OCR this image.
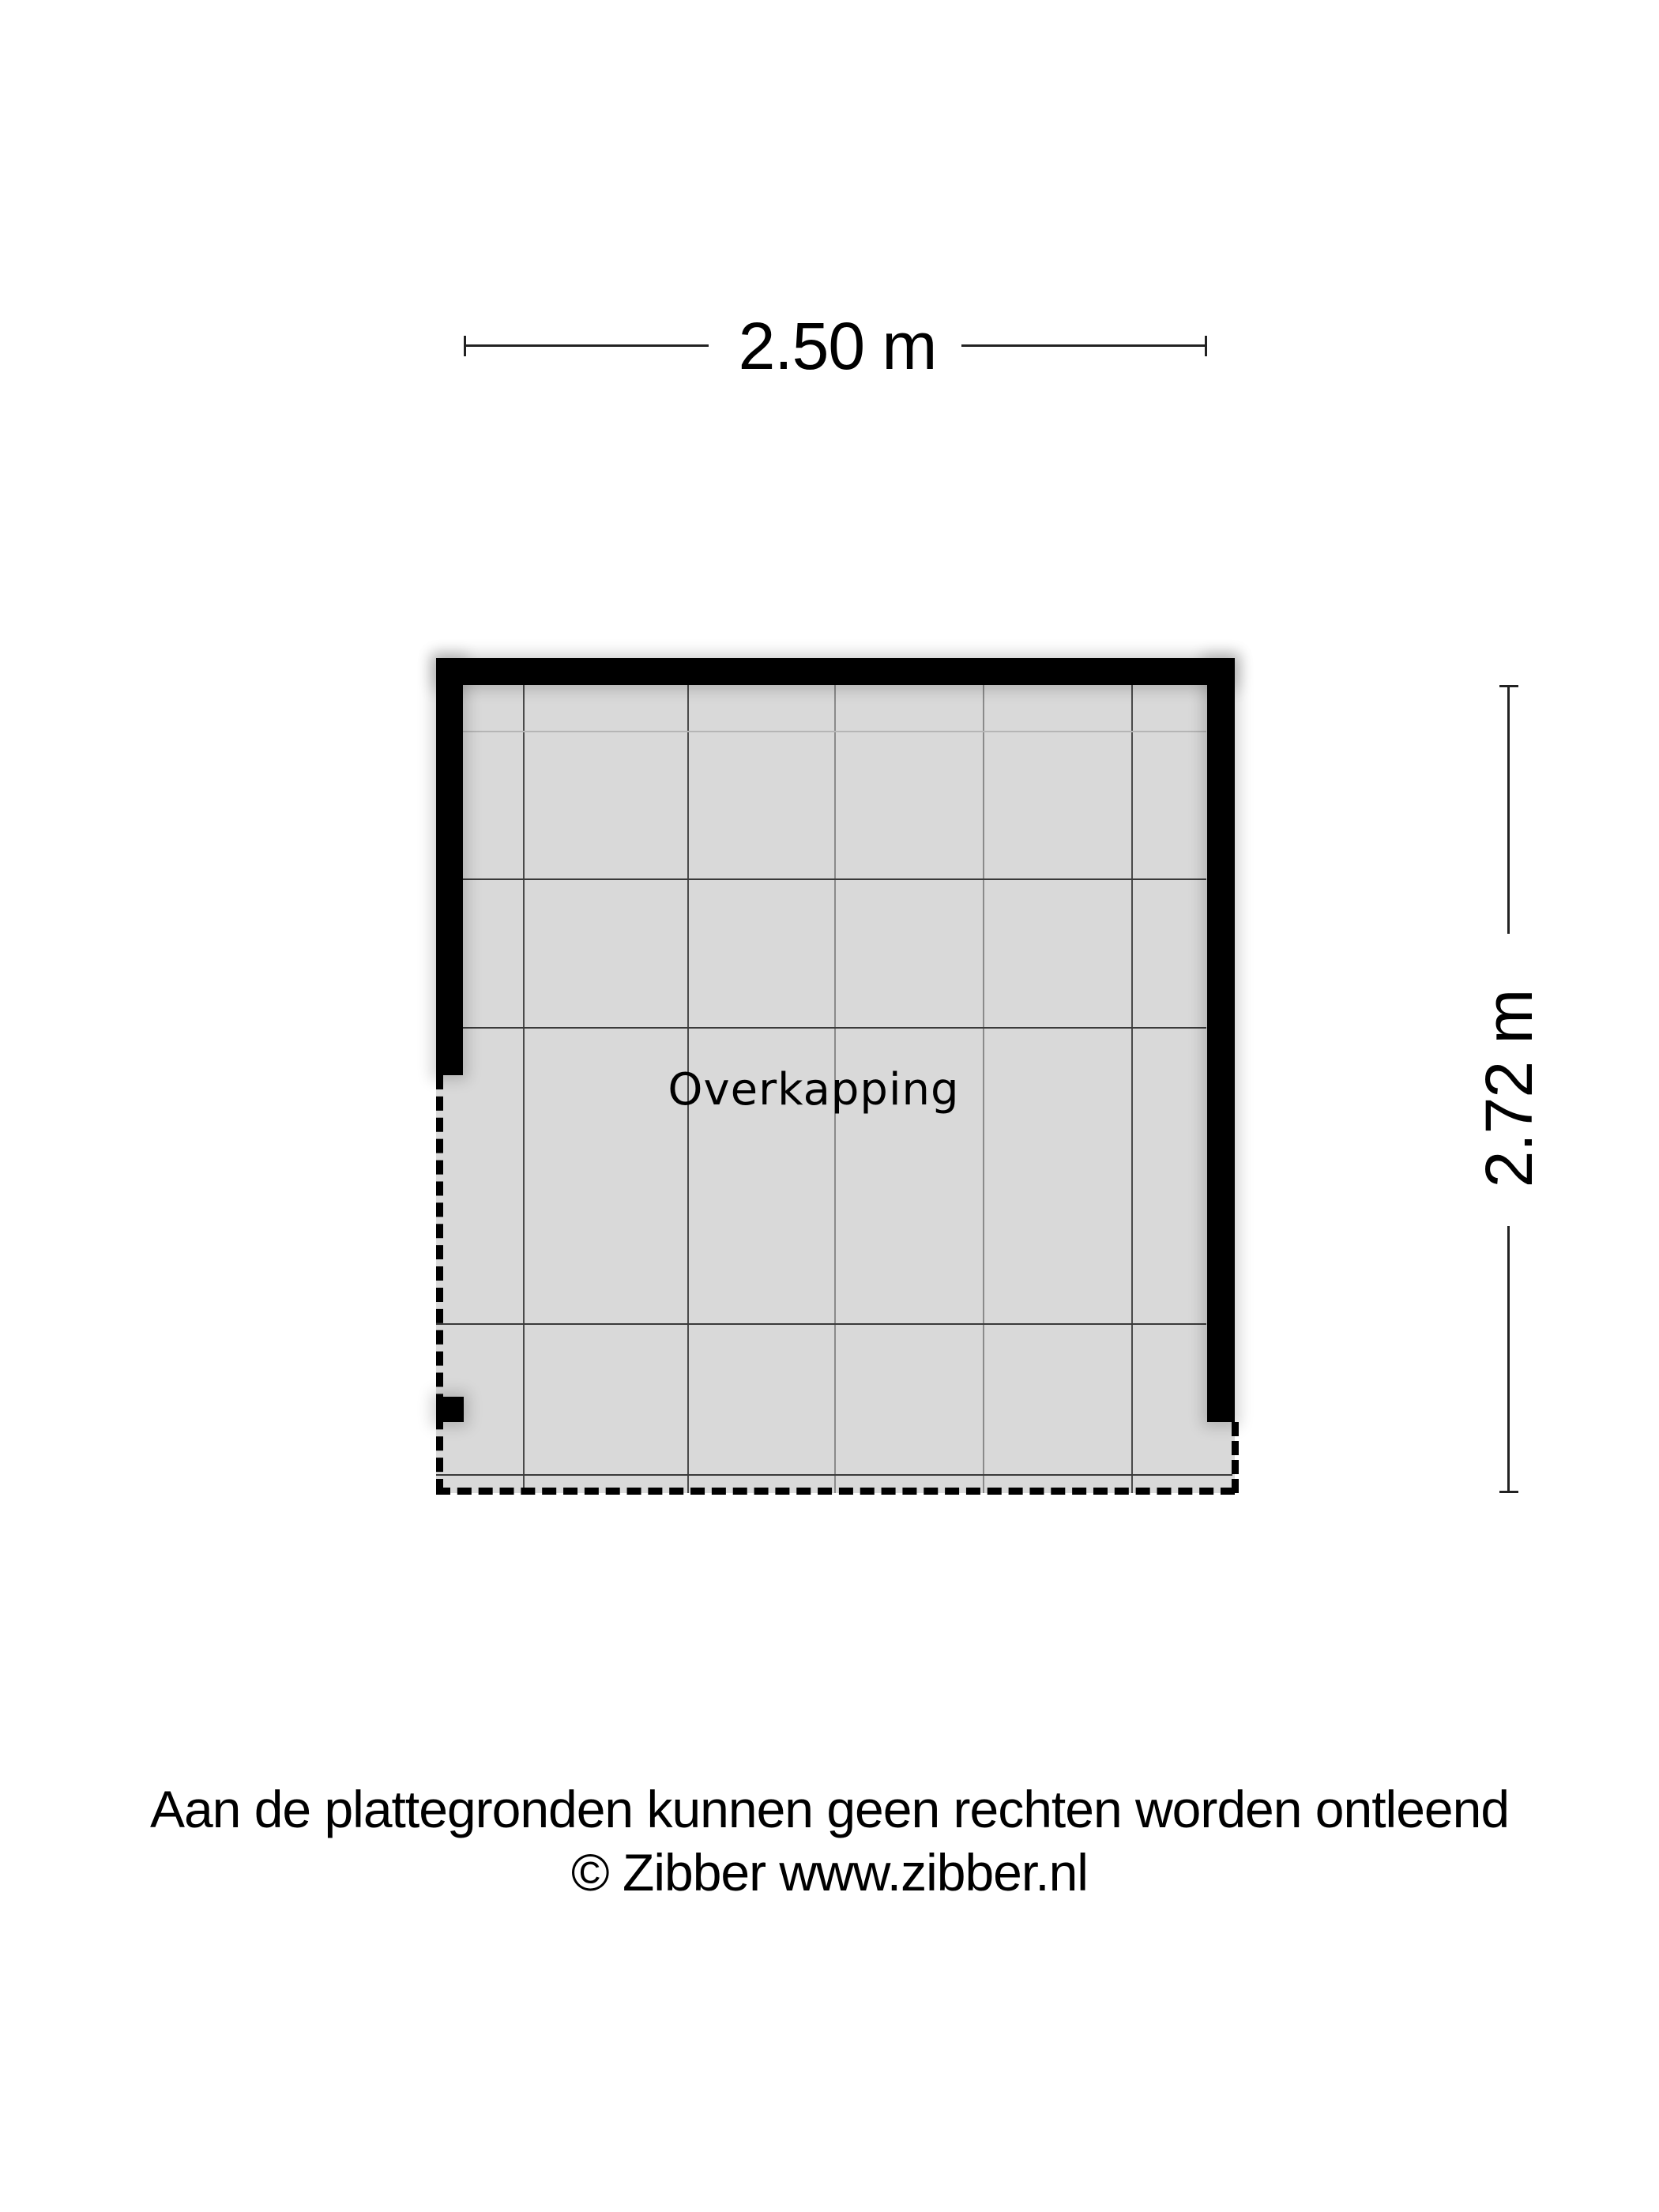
2.50 m
2.72 m
Overkapping
Aan de plattegronden kunnen geen rechten worden ontleend
© Zibber www.zibber.nl
